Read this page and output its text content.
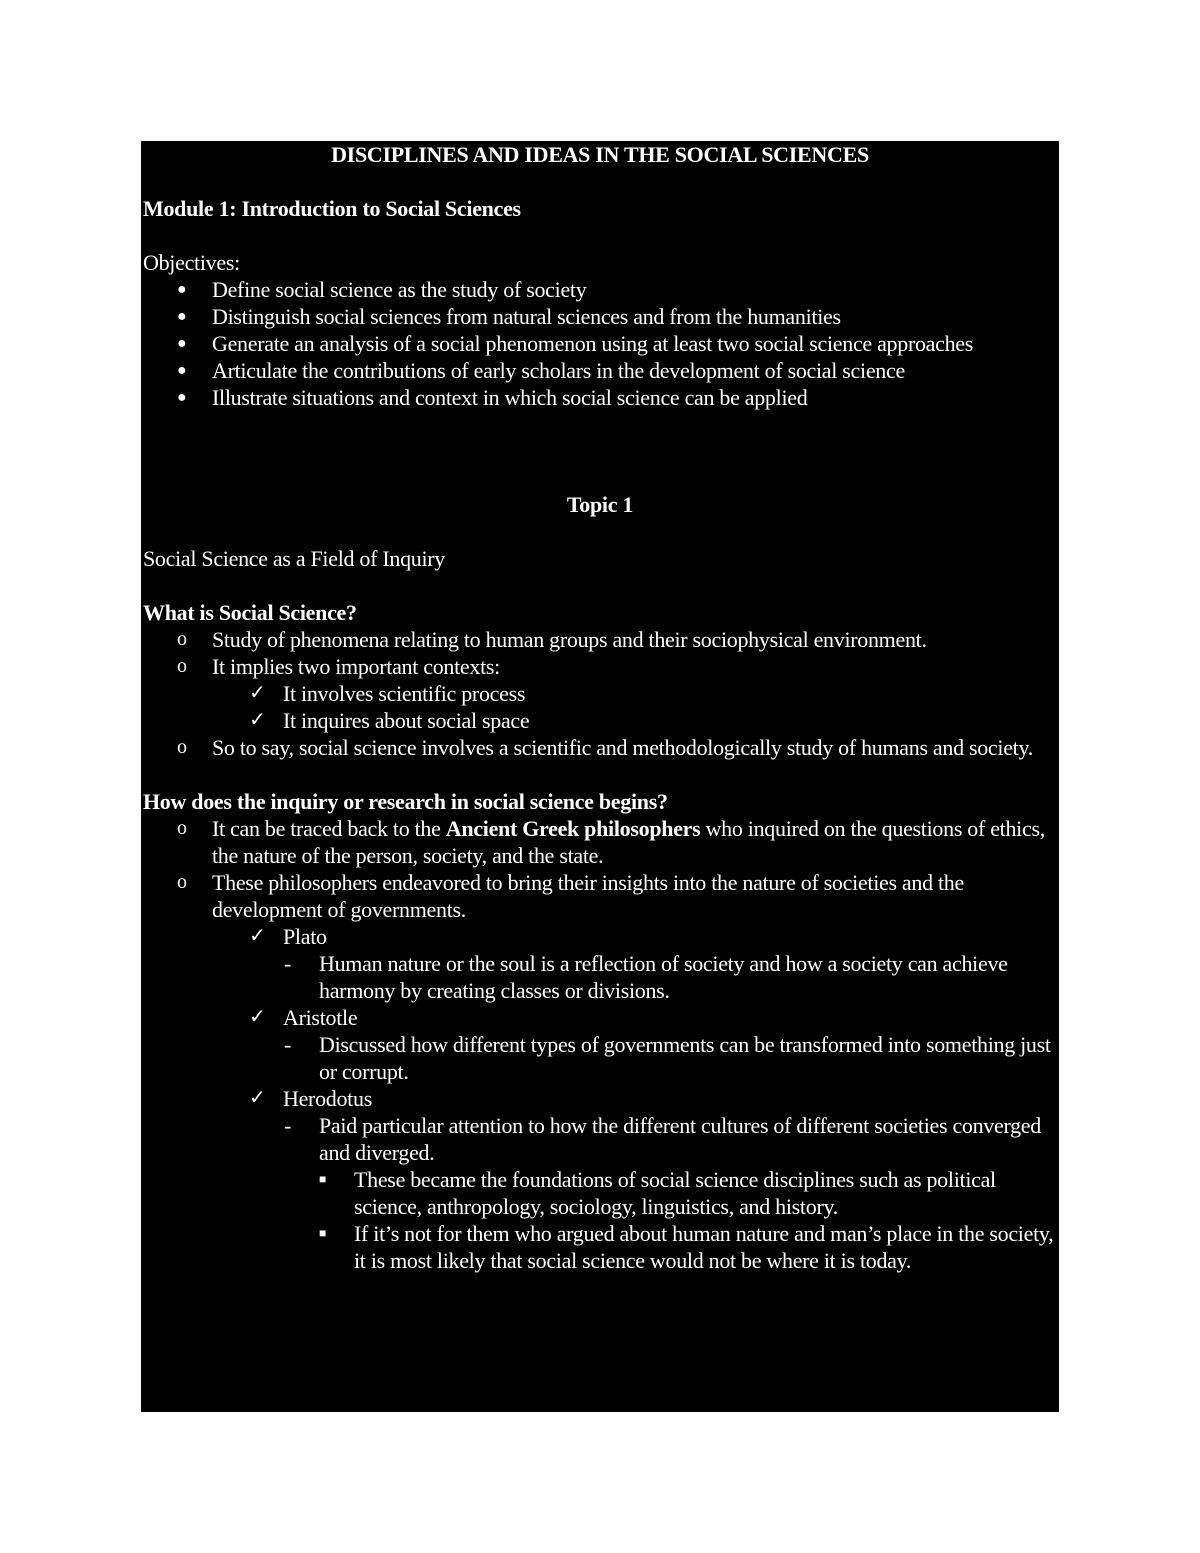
DISCIPLINES AND IDEAS IN THE SOCIAL SCIENCES
Module 1: Introduction to Social Sciences
Objectives:
● Define social science as the study of society
● Distinguish social sciences from natural sciences and from the humanities
● Generate an analysis of a social phenomenon using at least two social science approaches
● Articulate the contributions of early scholars in the development of social science
● Illustrate situations and context in which social science can be applied
Topic 1
Social Science as a Field of Inquiry
What is Social Science?
o Study of phenomena relating to human groups and their sociophysical environment.
o It implies two important contexts:
✓ It involves scientific process
✓ It inquires about social space
o So to say, social science involves a scientific and methodologically study of humans and society.
How does the inquiry or research in social science begins?
o It can be traced back to the Ancient Greek philosophers who inquired on the questions of ethics, the nature of the person, society, and the state.
o These philosophers endeavored to bring their insights into the nature of societies and the development of governments.
✓ Plato
- Human nature or the soul is a reflection of society and how a society can achieve harmony by creating classes or divisions.
✓ Aristotle
- Discussed how different types of governments can be transformed into something just or corrupt.
✓ Herodotus
- Paid particular attention to how the different cultures of different societies converged and diverged.
■ These became the foundations of social science disciplines such as political science, anthropology, sociology, linguistics, and history.
■ If it’s not for them who argued about human nature and man’s place in the society, it is most likely that social science would not be where it is today.
